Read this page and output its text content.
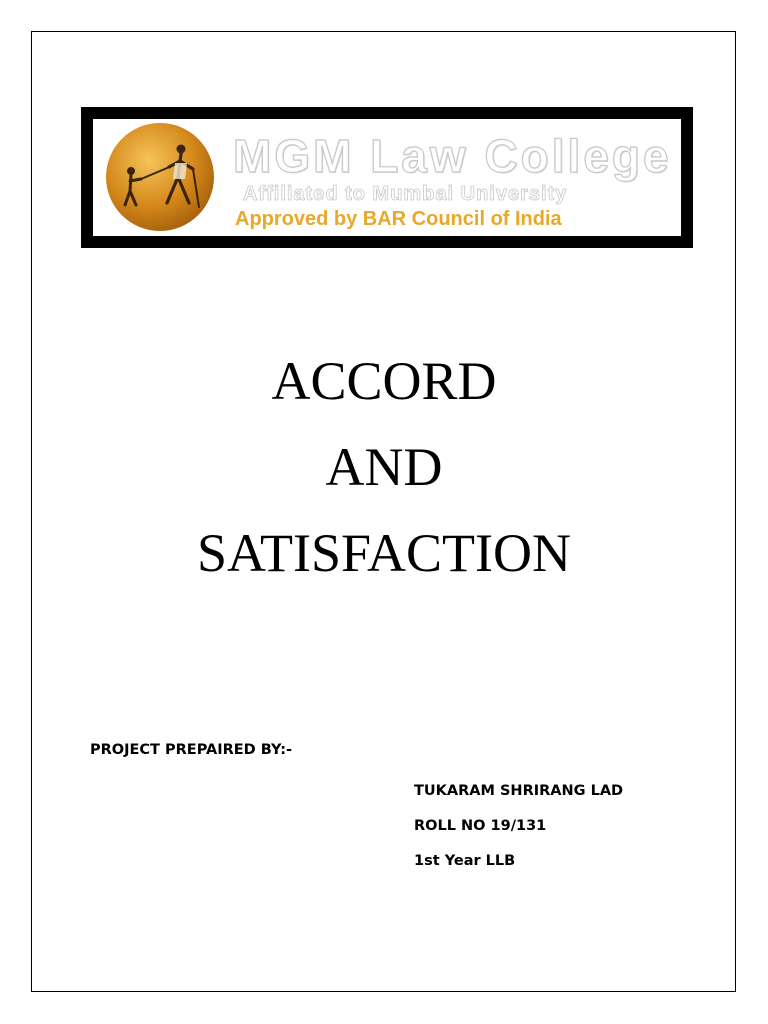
MGM Law College
Affiliated to Mumbai University
Approved by BAR Council of India
ACCORD
AND
SATISFACTION
PROJECT PREPAIRED BY:-
TUKARAM SHRIRANG LAD
ROLL NO 19/131
1st Year LLB
